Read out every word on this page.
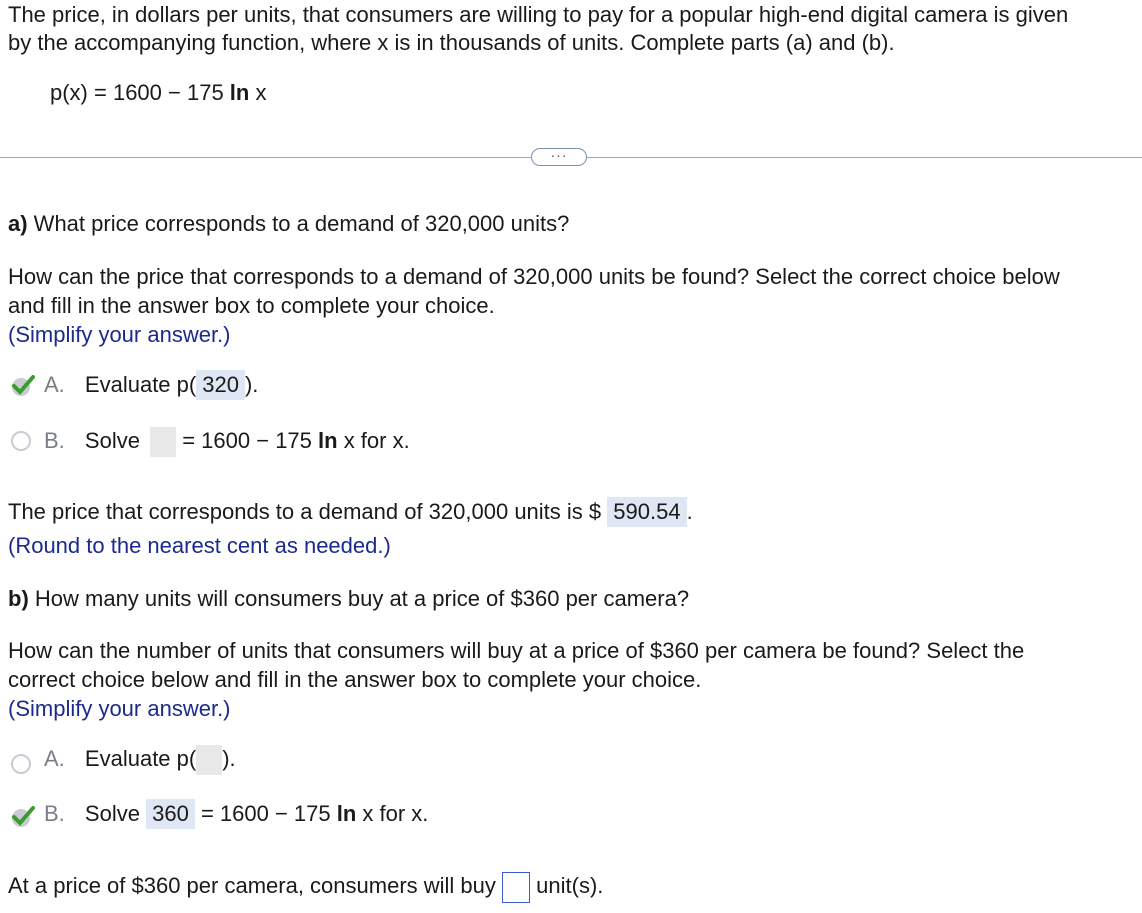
The price, in dollars per units, that consumers are willing to pay for a popular high-end digital camera is given
by the accompanying function, where x is in thousands of units. Complete parts (a) and (b).
p(x) = 1600 − 175 ln x
···
a) What price corresponds to a demand of 320,000 units?
How can the price that corresponds to a demand of 320,000 units be found? Select the correct choice below
and fill in the answer box to complete your choice.
(Simplify your answer.)
A. Evaluate p( 320 ).
B. Solve = 1600 − 175 ln x for x.
The price that corresponds to a demand of 320,000 units is $ 590.54 .
(Round to the nearest cent as needed.)
b) How many units will consumers buy at a price of $360 per camera?
How can the number of units that consumers will buy at a price of $360 per camera be found? Select the
correct choice below and fill in the answer box to complete your choice.
(Simplify your answer.)
A. Evaluate p( ).
B. Solve 360 = 1600 − 175 ln x for x.
At a price of $360 per camera, consumers will buy unit(s).
